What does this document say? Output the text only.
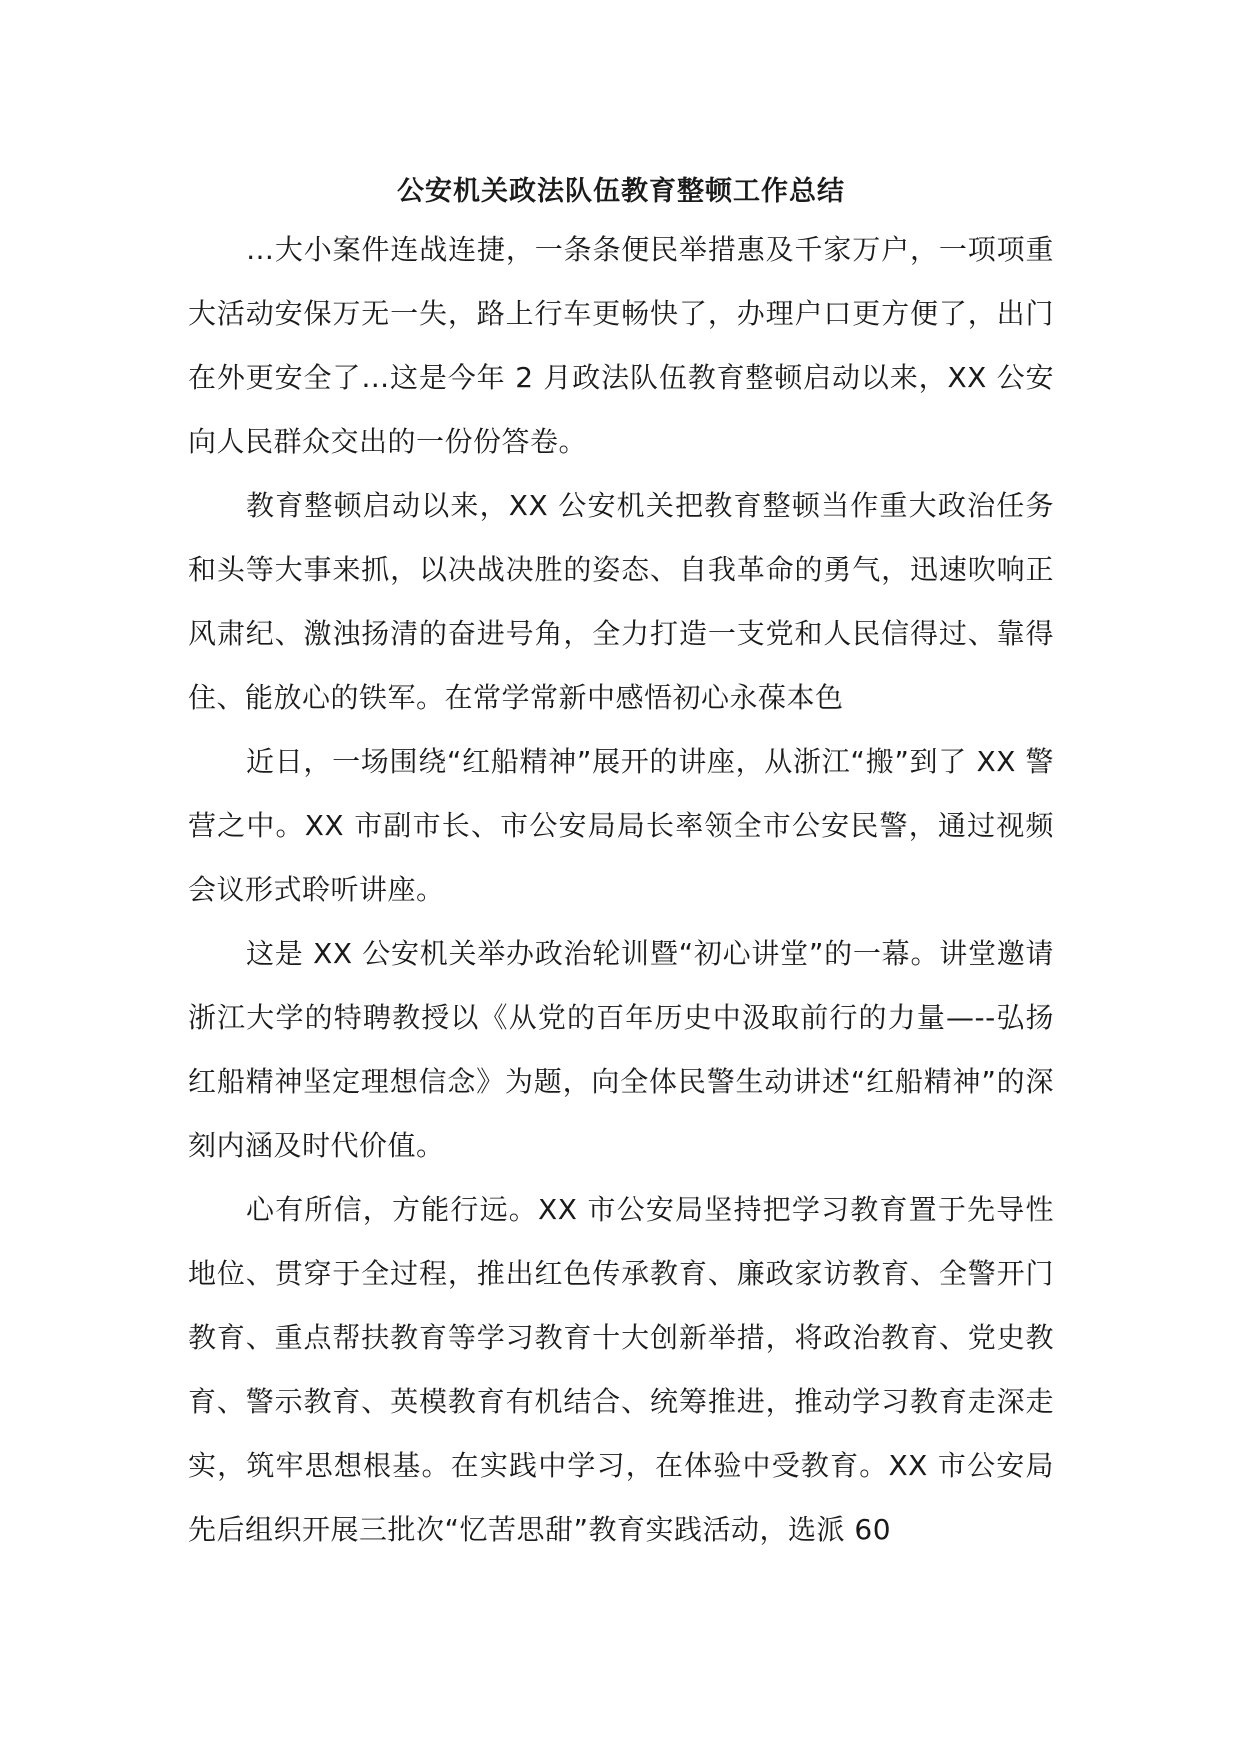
公安机关政法队伍教育整顿工作总结

…大小案件连战连捷，一条条便民举措惠及千家万户，一项项重大活动安保万无一失，路上行车更畅快了，办理户口更方便了，出门在外更安全了…这是今年 2 月政法队伍教育整顿启动以来，XX 公安向人民群众交出的一份份答卷。

教育整顿启动以来，XX 公安机关把教育整顿当作重大政治任务和头等大事来抓，以决战决胜的姿态、自我革命的勇气，迅速吹响正风肃纪、激浊扬清的奋进号角，全力打造一支党和人民信得过、靠得住、能放心的铁军。在常学常新中感悟初心永葆本色

近日，一场围绕“红船精神”展开的讲座，从浙江“搬”到了 XX 警营之中。XX 市副市长、市公安局局长率领全市公安民警，通过视频会议形式聆听讲座。

这是 XX 公安机关举办政治轮训暨“初心讲堂”的一幕。讲堂邀请浙江大学的特聘教授以《从党的百年历史中汲取前行的力量—--弘扬红船精神坚定理想信念》为题，向全体民警生动讲述“红船精神”的深刻内涵及时代价值。

心有所信，方能行远。XX 市公安局坚持把学习教育置于先导性地位、贯穿于全过程，推出红色传承教育、廉政家访教育、全警开门教育、重点帮扶教育等学习教育十大创新举措，将政治教育、党史教育、警示教育、英模教育有机结合、统筹推进，推动学习教育走深走实，筑牢思想根基。在实践中学习，在体验中受教育。XX 市公安局先后组织开展三批次“忆苦思甜”教育实践活动，选派 60
